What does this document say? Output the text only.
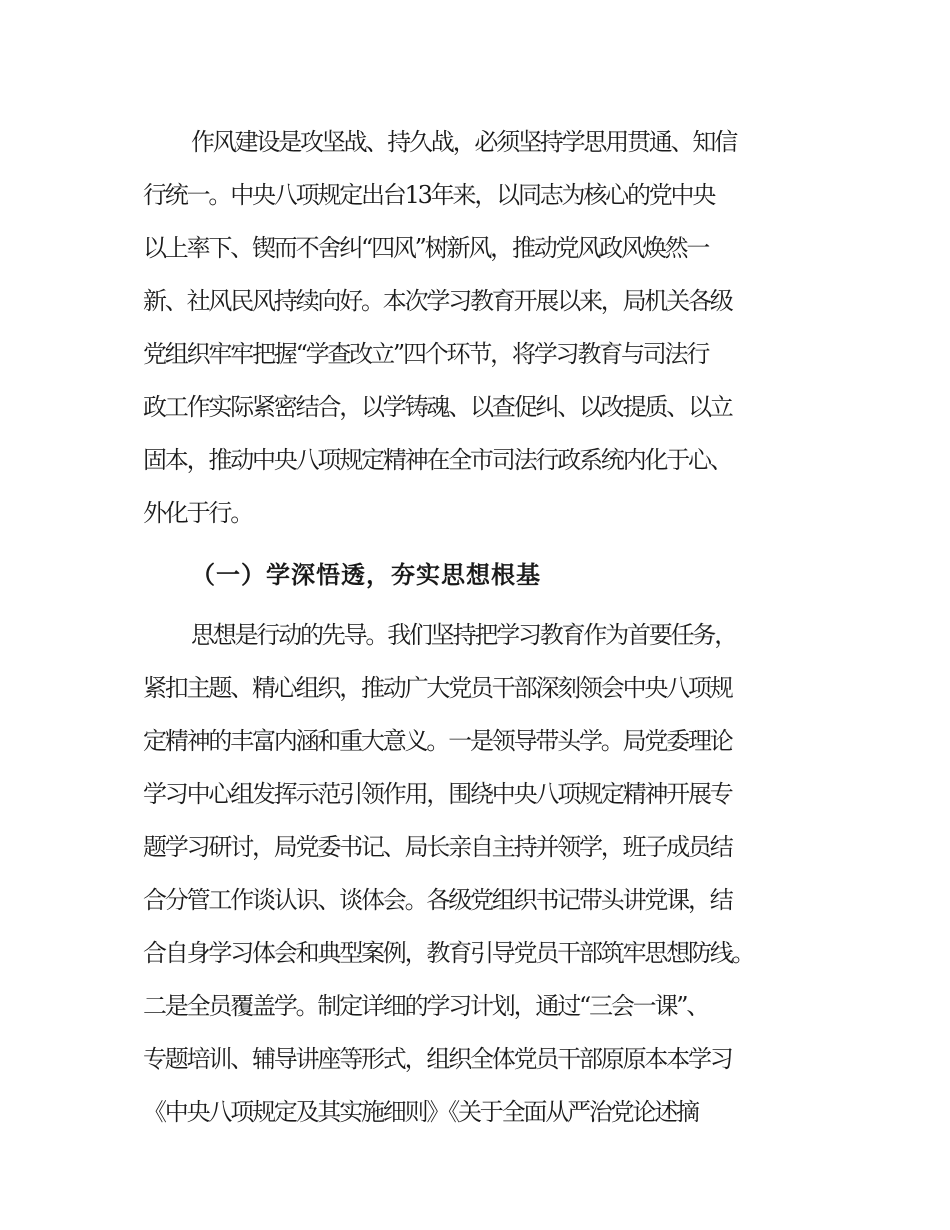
作风建设是攻坚战、持久战，必须坚持学思用贯通、知信
行统一。中央八项规定出台13年来，以同志为核心的党中央
以上率下、锲而不舍纠“四风”树新风，推动党风政风焕然一
新、社风民风持续向好。本次学习教育开展以来，局机关各级
党组织牢牢把握“学查改立”四个环节，将学习教育与司法行
政工作实际紧密结合，以学铸魂、以查促纠、以改提质、以立
固本，推动中央八项规定精神在全市司法行政系统内化于心、
外化于行。
（一）学深悟透，夯实思想根基
思想是行动的先导。我们坚持把学习教育作为首要任务，
紧扣主题、精心组织，推动广大党员干部深刻领会中央八项规
定精神的丰富内涵和重大意义。一是领导带头学。局党委理论
学习中心组发挥示范引领作用，围绕中央八项规定精神开展专
题学习研讨，局党委书记、局长亲自主持并领学，班子成员结
合分管工作谈认识、谈体会。各级党组织书记带头讲党课，结
合自身学习体会和典型案例，教育引导党员干部筑牢思想防线。
二是全员覆盖学。制定详细的学习计划，通过“三会一课”、
专题培训、辅导讲座等形式，组织全体党员干部原原本本学习
《中央八项规定及其实施细则》《关于全面从严治党论述摘
